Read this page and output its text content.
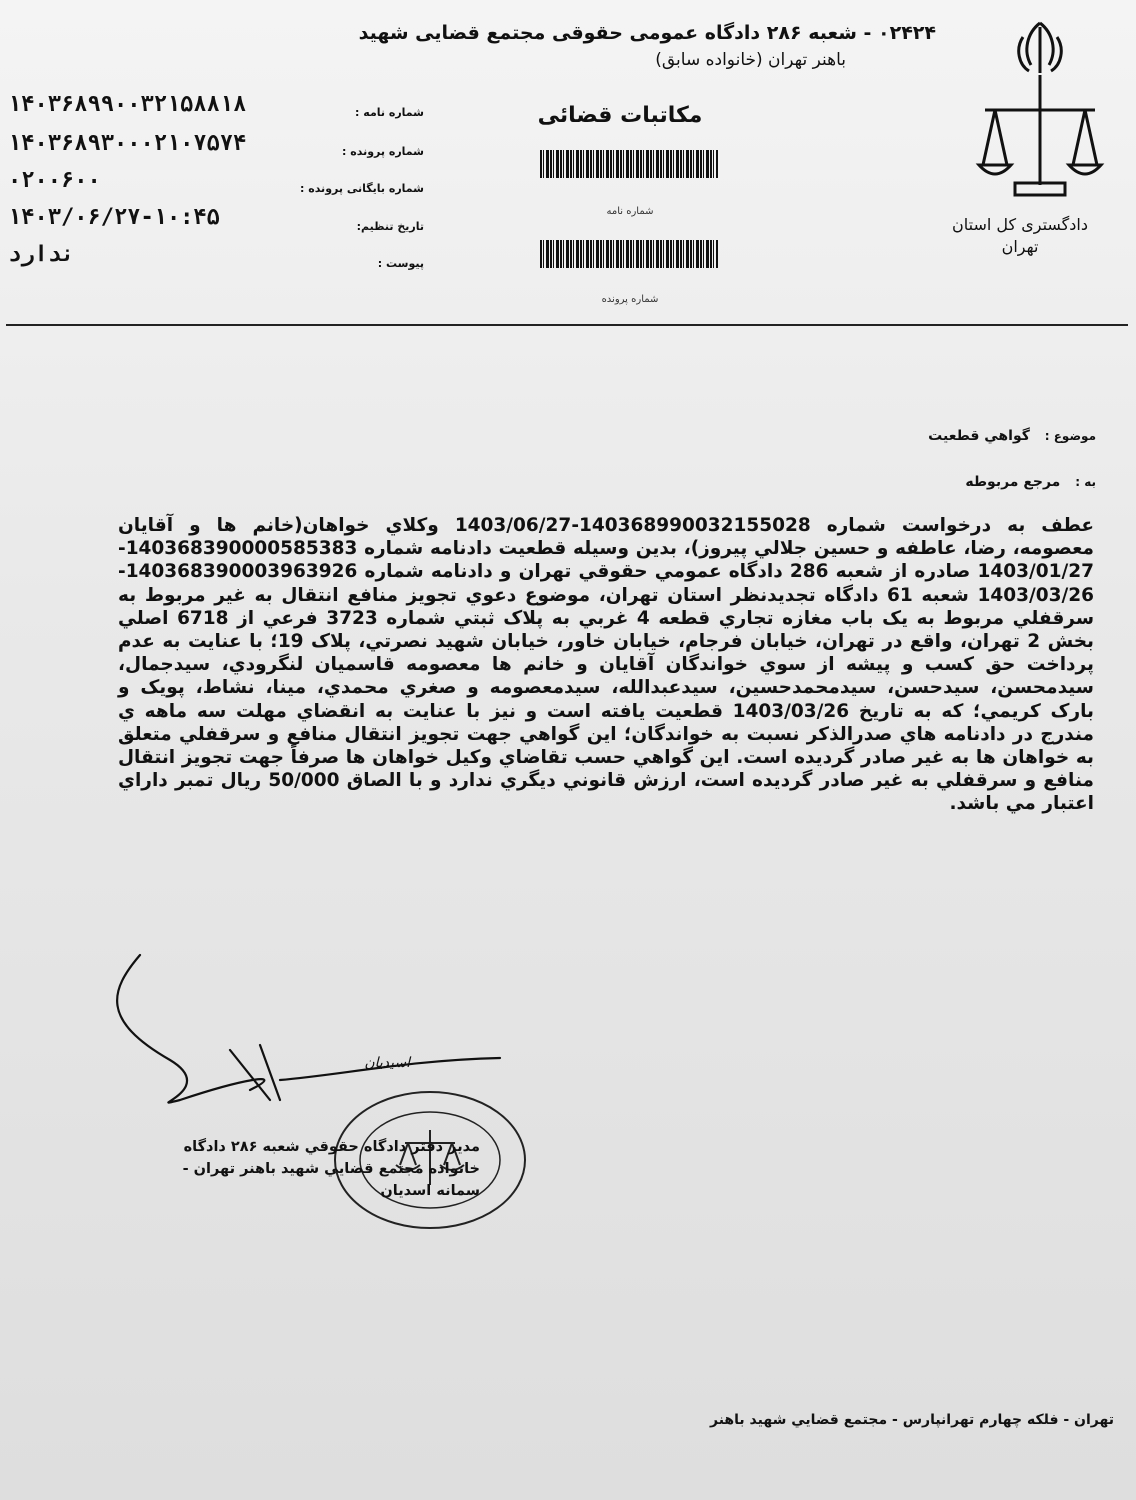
۰۲۴۲۴ - شعبه ۲۸۶ دادگاه عمومی حقوقی مجتمع قضایی شهید
باهنر تهران (خانواده سابق)
دادگستری کل استان
تهران
مکاتبات قضائی
شماره نامه
شماره پرونده
شماره نامه :
۱۴۰۳۶۸۹۹۰۰۳۲۱۵۸۸۱۸
شماره پرونده :
۱۴۰۳۶۸۹۳۰۰۰۲۱۰۷۵۷۴
شماره بایگانی پرونده :
۰۲۰۰۶۰۰
تاریخ تنظیم:
۱۴۰۳/۰۶/۲۷-۱۰:۴۵
پیوست :
ندارد
موضوع : گواهي قطعيت
به : مرجع مربوطه
عطف به درخواست شماره 14036899003215502​8-1403/06/27 وكلاي خواهان(خانم ها و آقايان معصومه، رضا، عاطفه و حسين جلالي پيروز)، بدين وسيله قطعيت دادنامه شماره 140368390000585383-1403/01/27 صادره از شعبه 286 دادگاه عمومي حقوقي تهران و دادنامه شماره 140368390003963926-1403/03/26 شعبه 61 دادگاه تجديدنظر استان تهران، موضوع دعوي تجويز منافع انتقال به غير مربوط به سرقفلي مربوط به يک باب مغازه تجاري قطعه 4 غربي به پلاک ثبتي شماره 3723 فرعي از 6718 اصلي بخش 2 تهران، واقع در تهران، خيابان فرجام، خيابان خاور، خيابان شهيد نصرتي، پلاک 19؛ با عنايت به عدم پرداخت حق کسب و پيشه از سوي خواندگان آقايان و خانم ها معصومه قاسميان لنگرودي، سيدجمال، سيدمحسن، سيدحسن، سيدمحمدحسين، سيدعبدالله، سيدمعصومه و صغري محمدي، مينا، نشاط، پويک و بارک کريمي؛ که به تاريخ 1403/03/26 قطعيت يافته است و نيز با عنايت به انقضاي مهلت سه ماهه ي مندرج در دادنامه هاي صدرالذکر نسبت به خواندگان؛ اين گواهي جهت تجويز انتقال منافع و سرقفلي متعلق به خواهان ها به غير صادر گرديده است. اين گواهي حسب تقاضاي وکيل خواهان ها صرفاً جهت تجويز انتقال منافع و سرقفلي به غير صادر گرديده است، ارزش قانوني ديگري ندارد و با الصاق 50/000 ريال تمبر داراي اعتبار مي باشد.
اسیدیان
مدير دفتر دادگاه حقوقي شعبه ۲۸۶ دادگاه
خانواده مجتمع قضايي شهيد باهنر تهران -
سمانه اسديان
تهران - فلکه چهارم تهرانپارس - مجتمع قضايي شهيد باهنر
